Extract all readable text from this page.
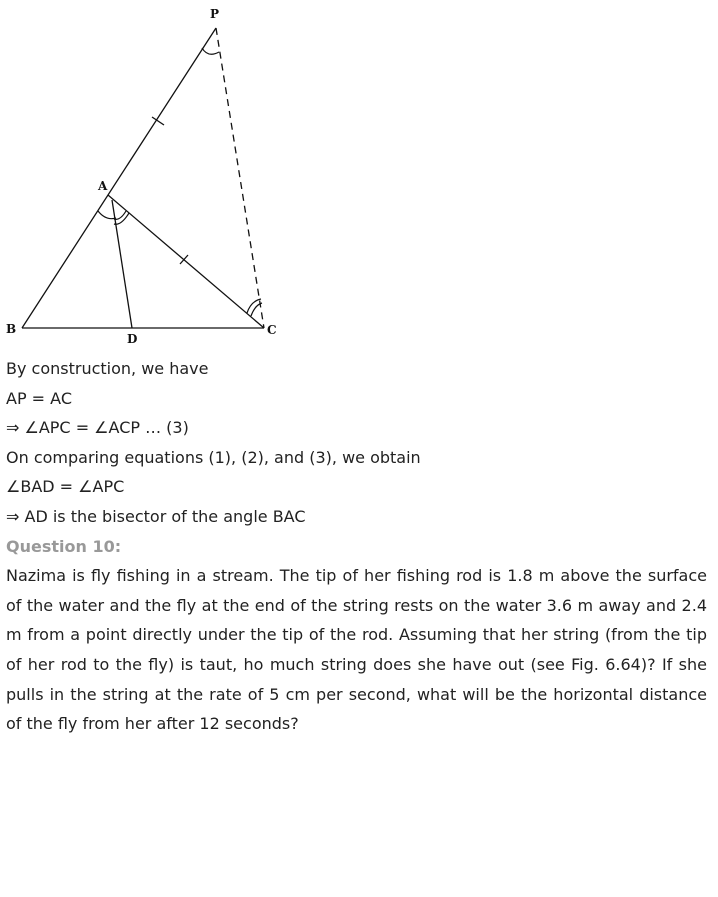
P
A
B	C
D
By construction, we have
AP = AC
⇒ ∠APC = ∠ACP … (3)
On comparing equations (1), (2), and (3), we obtain
∠BAD = ∠APC
⇒ AD is the bisector of the angle BAC
Question 10:

Nazima is fly fishing in a stream. The tip of her fishing rod is 1.8 m above the surface of the water and the fly at the end of the string rests on the water 3.6 m away and 2.4 m from a point directly under the tip of the rod. Assuming that her string (from the tip of her rod to the fly) is taut, ho much string does she have out (see Fig. 6.64)? If she pulls in the string at the rate of 5 cm per second, what will be the horizontal distance of the fly from her after 12 seconds?
